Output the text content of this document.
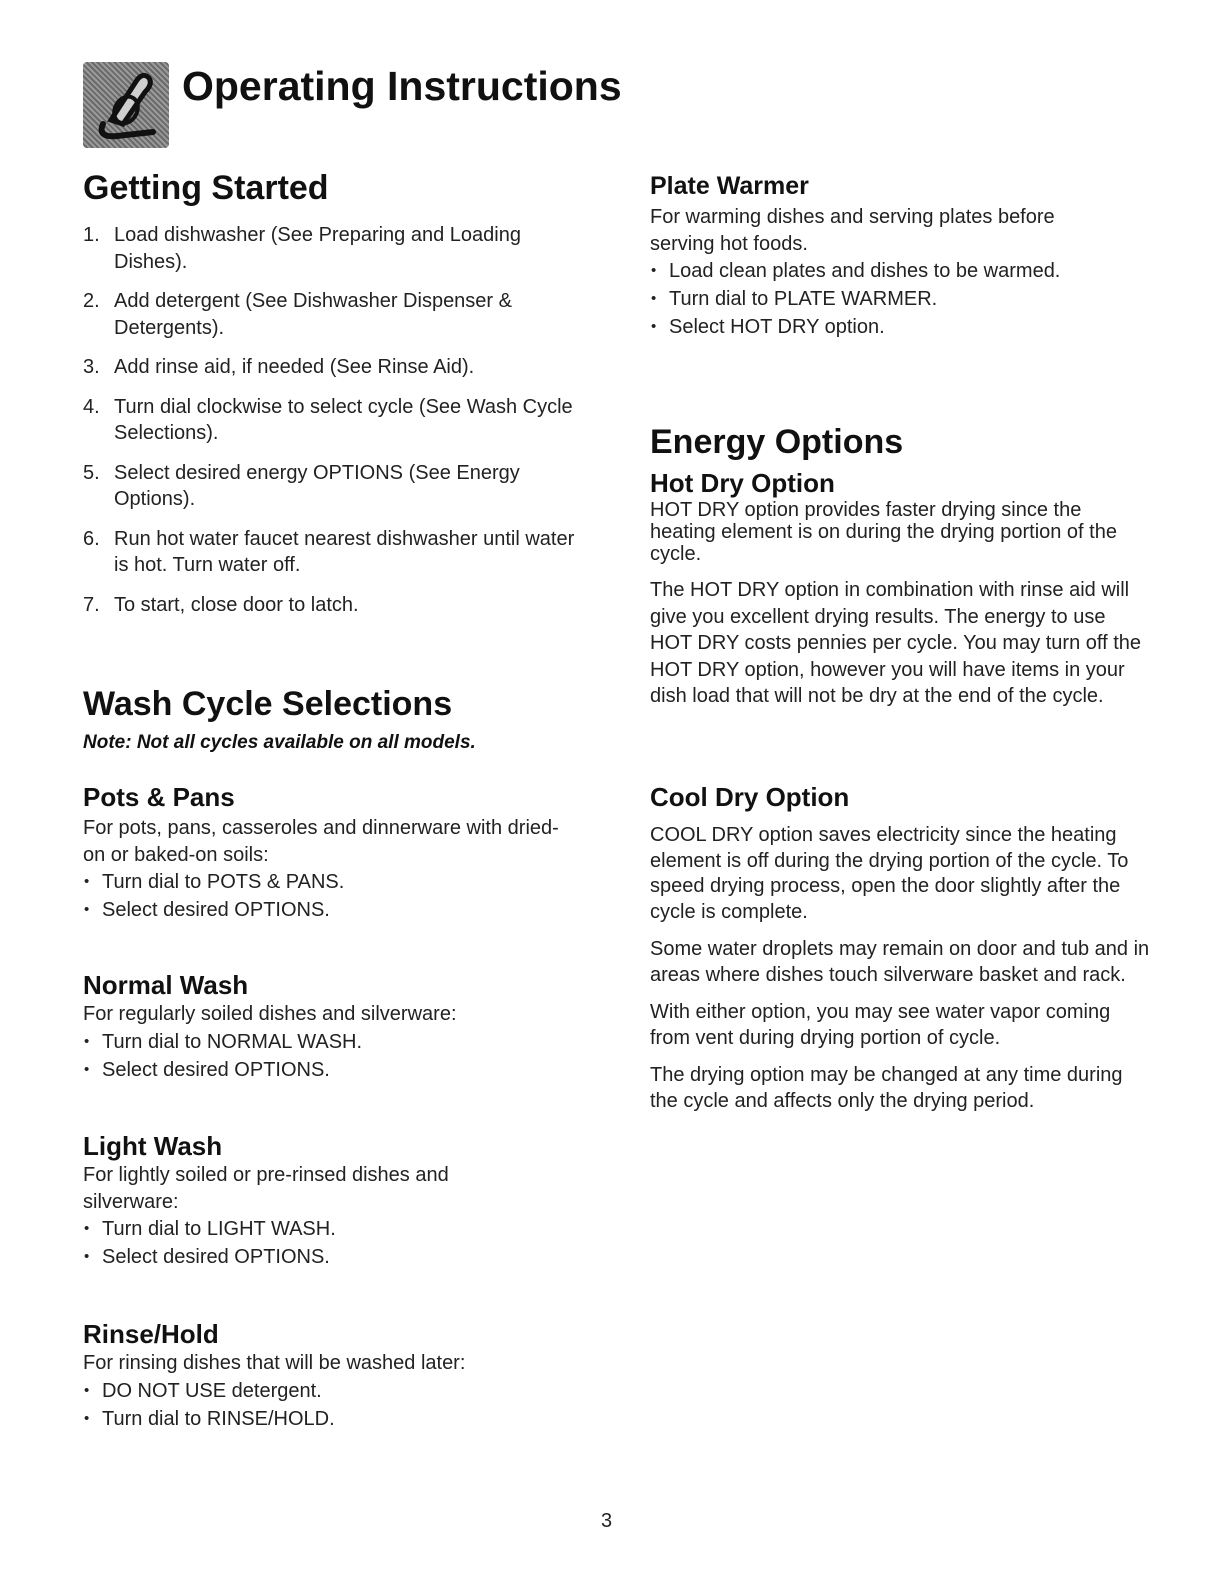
Operating Instructions
Getting Started
1. Load dishwasher (See Preparing and Loading Dishes).
2. Add detergent (See Dishwasher Dispenser & Detergents).
3. Add rinse aid, if needed (See Rinse Aid).
4. Turn dial clockwise to select cycle (See Wash Cycle Selections).
5. Select desired energy OPTIONS (See Energy Options).
6. Run hot water faucet nearest dishwasher until water is hot. Turn water off.
7. To start, close door to latch.
Wash Cycle Selections

Note: Not all cycles available on all models.

Pots & Pans

For pots, pans, casseroles and dinnerware with dried-on or baked-on soils:

• Turn dial to POTS & PANS.
• Select desired OPTIONS.
Normal Wash

For regularly soiled dishes and silverware:

• Turn dial to NORMAL WASH.
• Select desired OPTIONS.
Light Wash

For lightly soiled or pre-rinsed dishes and silverware:

• Turn dial to LIGHT WASH.
• Select desired OPTIONS.
Rinse/Hold

For rinsing dishes that will be washed later:

• DO NOT USE detergent.
• Turn dial to RINSE/HOLD.
Plate Warmer

For warming dishes and serving plates before serving hot foods.

• Load clean plates and dishes to be warmed.
• Turn dial to PLATE WARMER.
• Select HOT DRY option.
Energy Options
Hot Dry Option

HOT DRY option provides faster drying since the heating element is on during the drying portion of the cycle.

The HOT DRY option in combination with rinse aid will give you excellent drying results. The energy to use HOT DRY costs pennies per cycle. You may turn off the HOT DRY option, however you will have items in your dish load that will not be dry at the end of the cycle.

Cool Dry Option

COOL DRY option saves electricity since the heating element is off during the drying portion of the cycle. To speed drying process, open the door slightly after the cycle is complete.

Some water droplets may remain on door and tub and in areas where dishes touch silverware basket and rack.

With either option, you may see water vapor coming from vent during drying portion of cycle.

The drying option may be changed at any time during the cycle and affects only the drying period.

3
